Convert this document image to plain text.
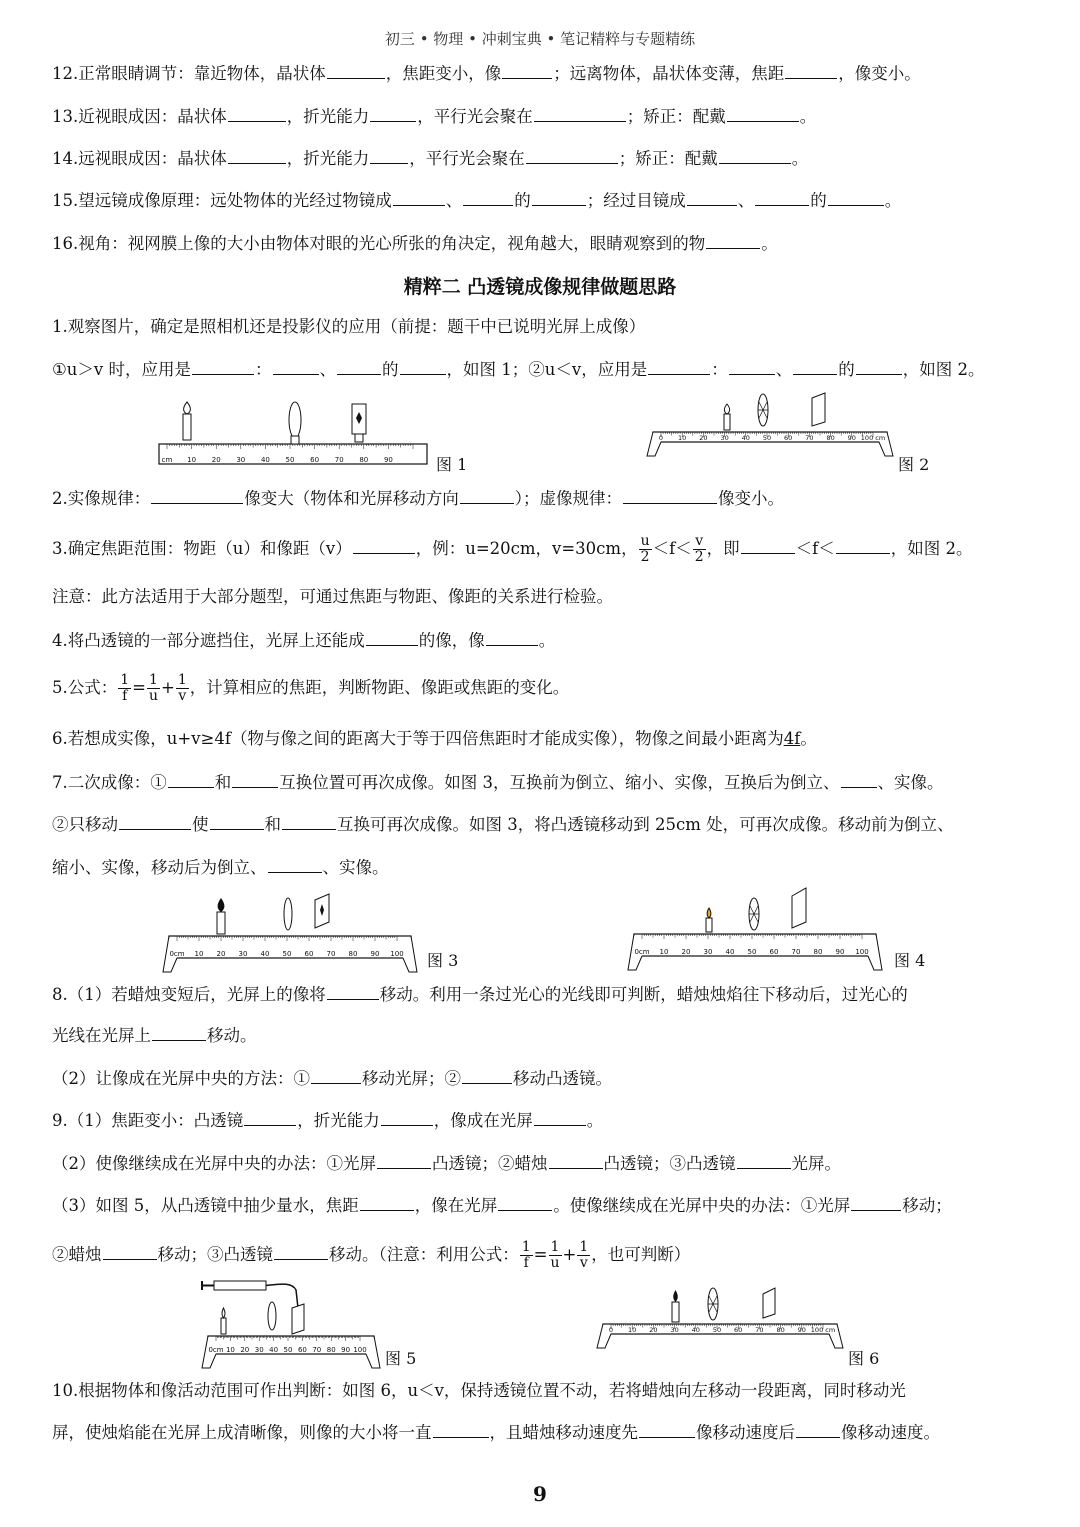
初三 • 物理 • 冲刺宝典 • 笔记精粹与专题精练
12.正常眼睛调节：靠近物体，晶状体	，焦距变小，像	；远离物体，晶状体变薄，焦距	，像变小。
13.近视眼成因：晶状体	，折光能力	，平行光会聚在	；矫正：配戴	。
14.远视眼成因：晶状体	，折光能力 ，平行光会聚在	；矫正：配戴	。
15.望远镜成像原理：远处物体的光经过物镜成	、	的	；经过目镜成	、	的	。
16.视角：视网膜上像的大小由物体对眼的光心所张的角决定，视角越大，眼睛观察到的物	。
精粹二 凸透镜成像规律做题思路
1.观察图片，确定是照相机还是投影仪的应用（前提：题干中已说明光屏上成像）
①u＞v 时，应用是	：	、	的	，如图 1；②u＜v，应用是	：	、	的	，如图 2。
cm 10 20 30 40 50 60 70 80 90	图 1
0 10 20 30 40 50 60 70 80 90 100 cm
图 2
2.实像规律：	像变大（物体和光屏移动方向	）；虚像规律：	像变小。
3.确定焦距范围：物距（u）和像距（v）	，例：u=20cm，v=30cm， $\frac{u}{2} <f< \frac{v}{2}$ ，即	＜f＜	，如图 2。
注意：此方法适用于大部分题型，可通过焦距与物距、像距的关系进行检验。
4.将凸透镜的一部分遮挡住，光屏上还能成	的像，像	。
5.公式： $\frac{1}{f} = \frac{1}{u} + \frac{1}{v}$ ，计算相应的焦距，判断物距、像距或焦距的变化。
6.若想成实像，u+v≥4f（物与像之间的距离大于等于四倍焦距时才能成实像），物像之间最小距离为4f。
7.二次成像：①	和	互换位置可再次成像。如图 3，互换前为倒立、缩小、实像，互换后为倒立、 、实像。
②只移动	使	和	互换可再次成像。如图 3，将凸透镜移动到 25cm 处，可再次成像。移动前为倒立、
缩小、实像，移动后为倒立、	、实像。
0cm 10 20 30 40 50 60 70 80 90 100 图 3	0cm 10 20 30 40 50 60 70 80 90 100 图 4
8.（1）若蜡烛变短后，光屏上的像将	移动。利用一条过光心的光线即可判断，蜡烛烛焰往下移动后，过光心的
光线在光屏上	移动。
（2）让像成在光屏中央的方法：①	移动光屏；②	移动凸透镜。
9.（1）焦距变小：凸透镜	，折光能力	，像成在光屏	。
（2）使像继续成在光屏中央的办法：①光屏	凸透镜；②蜡烛	凸透镜；③凸透镜	光屏。
（3）如图 5，从凸透镜中抽少量水，焦距	，像在光屏	。使像继续成在光屏中央的办法：①光屏	移动；
②蜡烛	移动；③凸透镜	移动。（注意：利用公式： $\frac{1}{f} = \frac{1}{u} + \frac{1}{v}$ ，也可判断）
0cm 10 20 30 40 50 60 70 80 90 100 图 5
0 10 20 30 40 50 60 70 80 90 100 cm
图 6
10.根据物体和像活动范围可作出判断：如图 6，u＜v，保持透镜位置不动，若将蜡烛向左移动一段距离，同时移动光
屏，使烛焰能在光屏上成清晰像，则像的大小将一直	，且蜡烛移动速度先	像移动速度后	像移动速度。
9
